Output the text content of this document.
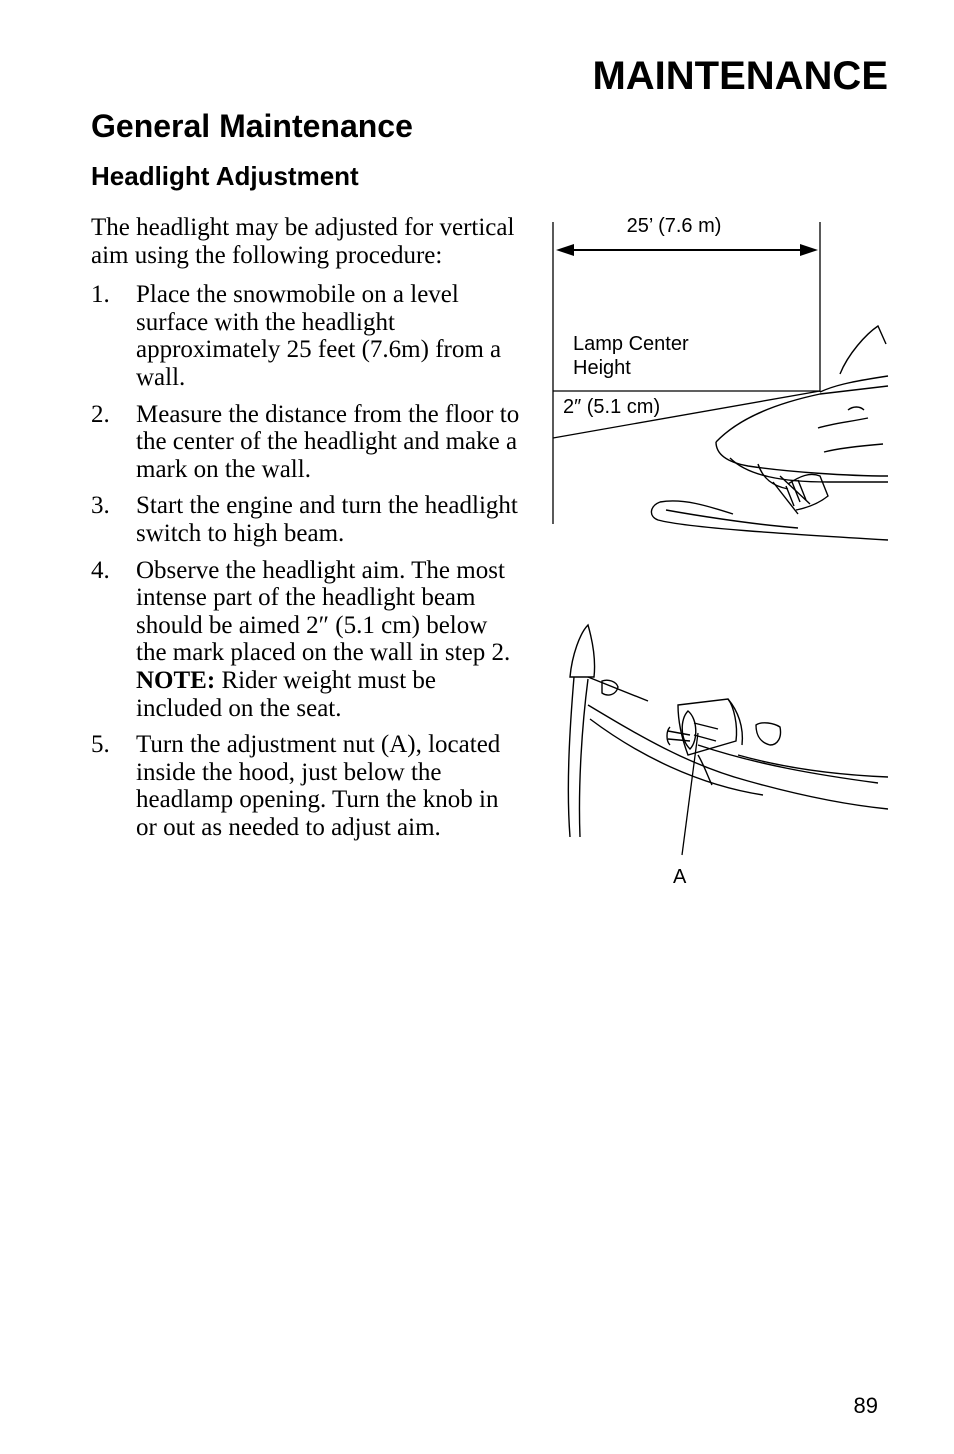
MAINTENANCE
General Maintenance
Headlight Adjustment

The headlight may be adjusted for vertical aim using the following procedure:

1. Place the snowmobile on a level surface with the headlight approximately 25 feet (7.6m) from a wall.
2. Measure the distance from the floor to the center of the headlight and make a mark on the wall.
3. Start the engine and turn the headlight switch to high beam.
4. Observe the headlight aim. The most intense part of the headlight beam should be aimed 2″ (5.1 cm) below the mark placed on the wall in step 2. NOTE: Rider weight must be included on the seat.
5. Turn the adjustment nut (A), located inside the hood, just below the headlamp opening. Turn the knob in or out as needed to adjust aim.
25’ (7.6 m)
Lamp Center
Height
2″ (5.1 cm)
A
89
